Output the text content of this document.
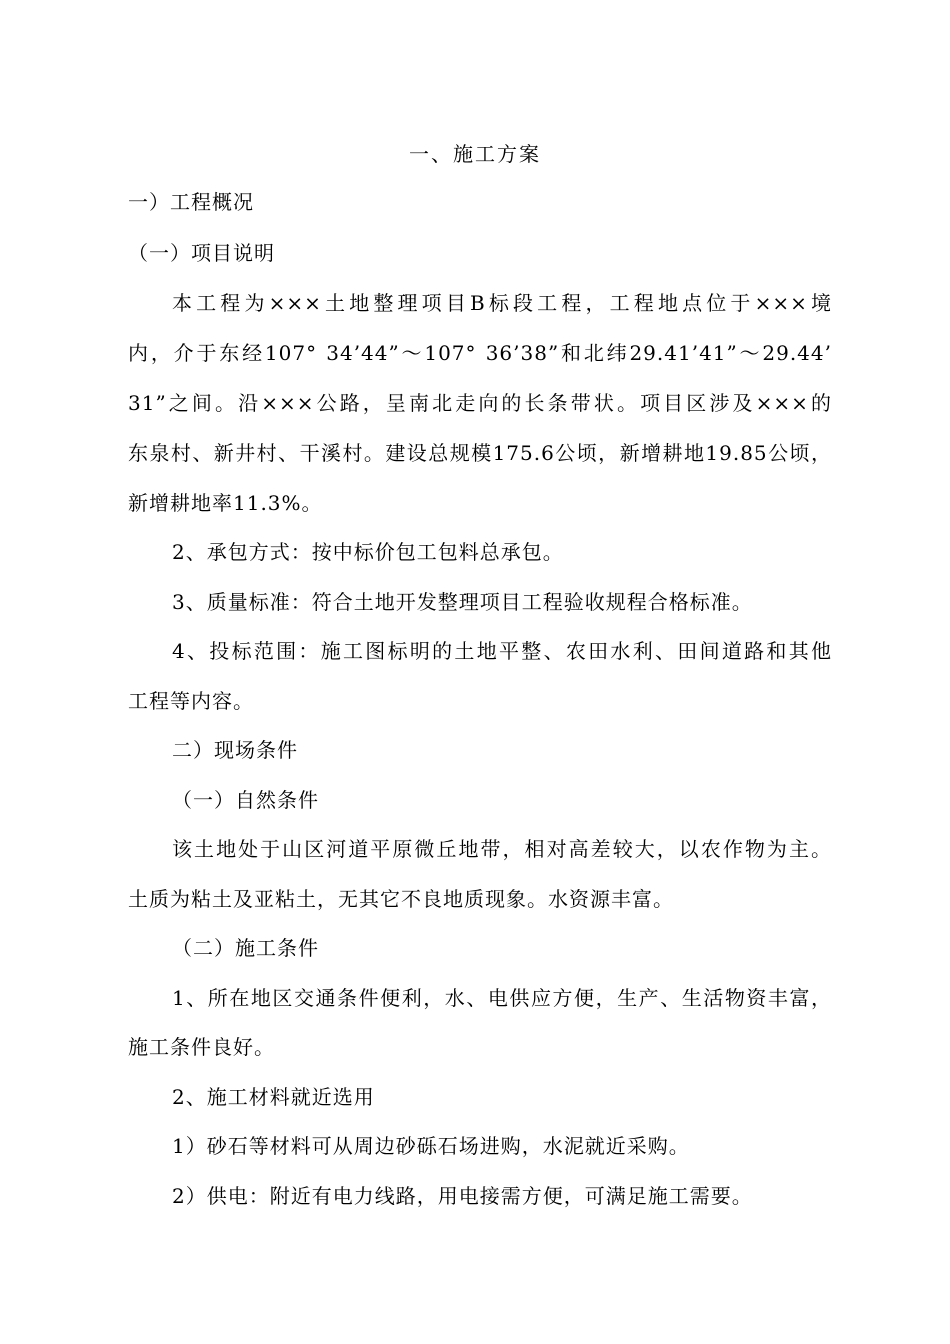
一、施工方案
一）工程概况
（一）项目说明
本工程为×××土地整理项目B标段工程，工程地点位于×××境
内，介于东经107° 34’44”～107° 36’38”和北纬29.41’41”～29.44’
31”之间。沿×××公路，呈南北走向的长条带状。项目区涉及×××的
东泉村、新井村、干溪村。建设总规模175.6公顷，新增耕地19.85公顷，
新增耕地率11.3%。
2、承包方式：按中标价包工包料总承包。
3、质量标准：符合土地开发整理项目工程验收规程合格标准。
4、投标范围：施工图标明的土地平整、农田水利、田间道路和其他
工程等内容。
二）现场条件
（一）自然条件
该土地处于山区河道平原微丘地带，相对高差较大，以农作物为主。
土质为粘土及亚粘土，无其它不良地质现象。水资源丰富。
（二）施工条件
1、所在地区交通条件便利，水、电供应方便，生产、生活物资丰富，
施工条件良好。
2、施工材料就近选用
1）砂石等材料可从周边砂砾石场进购，水泥就近采购。
2）供电：附近有电力线路，用电接需方便，可满足施工需要。
